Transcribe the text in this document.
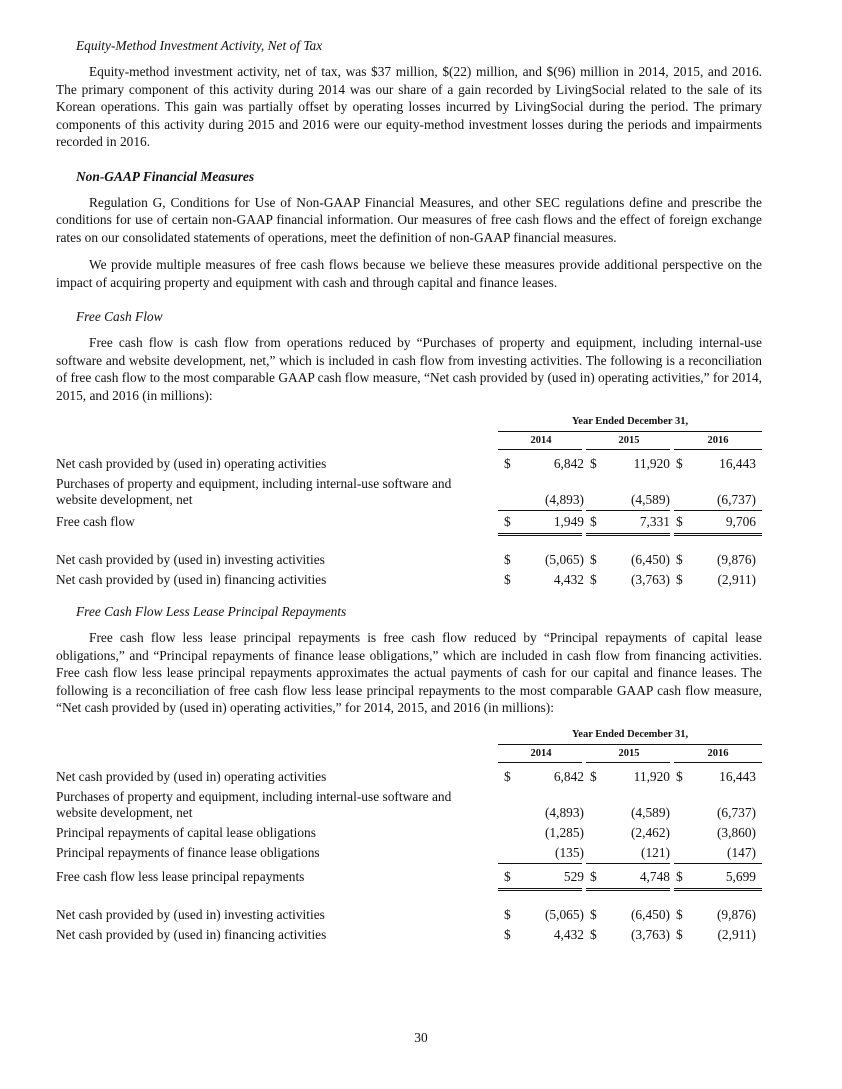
Equity-Method Investment Activity, Net of Tax

Equity-method investment activity, net of tax, was $37 million, $(22) million, and $(96) million in 2014, 2015, and 2016. The primary component of this activity during 2014 was our share of a gain recorded by LivingSocial related to the sale of its Korean operations. This gain was partially offset by operating losses incurred by LivingSocial during the period. The primary components of this activity during 2015 and 2016 were our equity-method investment losses during the periods and impairments recorded in 2016.

Non-GAAP Financial Measures

Regulation G, Conditions for Use of Non-GAAP Financial Measures, and other SEC regulations define and prescribe the conditions for use of certain non-GAAP financial information. Our measures of free cash flows and the effect of foreign exchange rates on our consolidated statements of operations, meet the definition of non-GAAP financial measures.

We provide multiple measures of free cash flows because we believe these measures provide additional perspective on the impact of acquiring property and equipment with cash and through capital and finance leases.

Free Cash Flow

Free cash flow is cash flow from operations reduced by “Purchases of property and equipment, including internal-use software and website development, net,” which is included in cash flow from investing activities. The following is a reconciliation of free cash flow to the most comparable GAAP cash flow measure, “Net cash provided by (used in) operating activities,” for 2014, 2015, and 2016 (in millions):

Year Ended December 31,
2014	2015	2016
Net cash provided by (used in) operating activities	$	6,842 $	11,920 $	16,443
Purchases of property and equipment, including internal-use software and website development, net	(4,893)	(4,589)	(6,737)
Free cash flow	$	1,949 $	7,331 $	9,706
Net cash provided by (used in) investing activities	$	(5,065) $	(6,450) $	(9,876)
Net cash provided by (used in) financing activities	$	4,432 $	(3,763) $	(2,911)
Free Cash Flow Less Lease Principal Repayments

Free cash flow less lease principal repayments is free cash flow reduced by “Principal repayments of capital lease obligations,” and “Principal repayments of finance lease obligations,” which are included in cash flow from financing activities. Free cash flow less lease principal repayments approximates the actual payments of cash for our capital and finance leases. The following is a reconciliation of free cash flow less lease principal repayments to the most comparable GAAP cash flow measure, “Net cash provided by (used in) operating activities,” for 2014, 2015, and 2016 (in millions):

Year Ended December 31,
2014	2015	2016
Net cash provided by (used in) operating activities	$	6,842 $	11,920 $	16,443
Purchases of property and equipment, including internal-use software and website development, net	(4,893)	(4,589)	(6,737)
Principal repayments of capital lease obligations	(1,285)	(2,462)	(3,860)
Principal repayments of finance lease obligations	(135)	(121)	(147)
Free cash flow less lease principal repayments	$	529 $	4,748 $	5,699
Net cash provided by (used in) investing activities	$	(5,065) $	(6,450) $	(9,876)
Net cash provided by (used in) financing activities	$	4,432 $	(3,763) $	(2,911)
30
